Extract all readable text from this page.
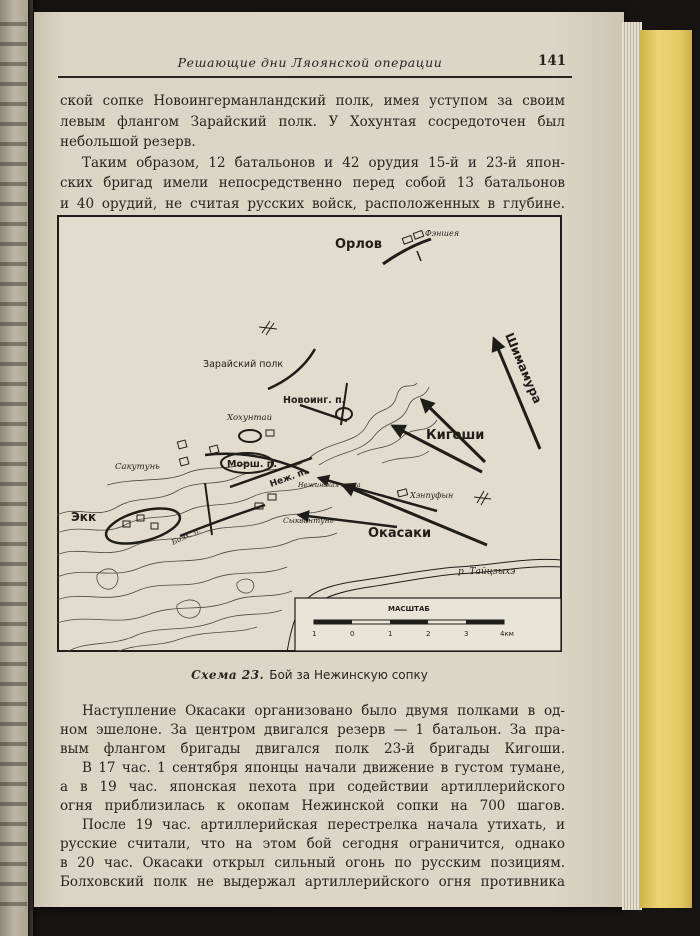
Решающие дни Ляоянской операции	141
ской сопке Новоингерманландский полк, имея уступом за своим
левым флангом Зарайский полк. У Хохунтая сосредоточен был
небольшой резерв.
Таким образом, 12 батальонов и 42 орудия 15-й и 23-й япон-
ских бригад имели непосредственно перед собой 13 батальонов
и 40 орудий, не считая русских войск, расположенных в глубине.
р. Тайцзыхэ
Орлов
Фэншея
Шимамура
Зарайский полк
Новоинг. п.
Хохунтай
Кигоши
Сакутунь	Морш. п.
Неж. п.
Нежинская сопка
Хэнпуфын
Окасаки
Сыквантунь
Экк
Болх. п.
МАСШТАБ
1	0	1	2	3	4км
Схема 23. Бой за Нежинскую сопку
Наступление Окасаки организовано было двумя полками в од-
ном эшелоне. За центром двигался резерв — 1 батальон. За пра-
вым флангом бригады двигался полк 23-й бригады Кигоши.
В 17 час. 1 сентября японцы начали движение в густом тумане,
а в 19 час. японская пехота при содействии артиллерийского
огня приблизилась к окопам Нежинской сопки на 700 шагов.
После 19 час. артиллерийская перестрелка начала утихать, и
русские считали, что на этом бой сегодня ограничится, однако
в 20 час. Окасаки открыл сильный огонь по русским позициям.
Болховский полк не выдержал артиллерийского огня противника
